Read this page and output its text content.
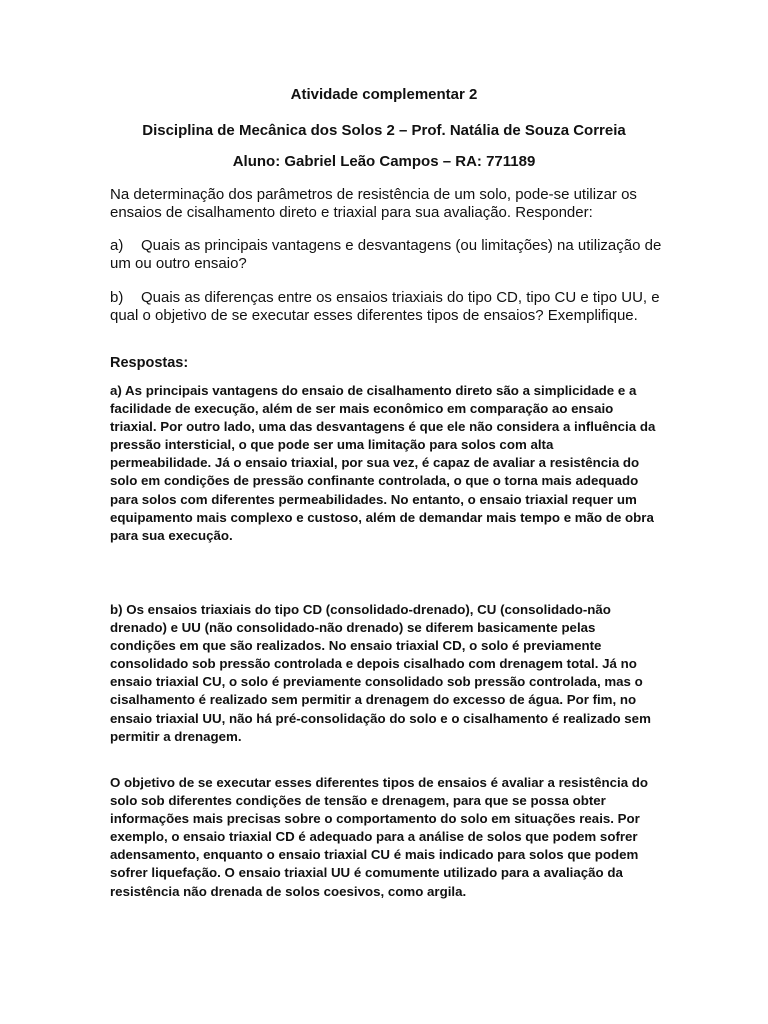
Atividade complementar 2
Disciplina de Mecânica dos Solos 2 – Prof. Natália de Souza Correia
Aluno: Gabriel Leão Campos – RA: 771189

Na determinação dos parâmetros de resistência de um solo, pode-se utilizar os ensaios de cisalhamento direto e triaxial para sua avaliação. Responder:

a) Quais as principais vantagens e desvantagens (ou limitações) na utilização de um ou outro ensaio?

b) Quais as diferenças entre os ensaios triaxiais do tipo CD, tipo CU e tipo UU, e qual o objetivo de se executar esses diferentes tipos de ensaios? Exemplifique.

Respostas:

a) As principais vantagens do ensaio de cisalhamento direto são a simplicidade e a facilidade de execução, além de ser mais econômico em comparação ao ensaio triaxial. Por outro lado, uma das desvantagens é que ele não considera a influência da pressão intersticial, o que pode ser uma limitação para solos com alta permeabilidade. Já o ensaio triaxial, por sua vez, é capaz de avaliar a resistência do solo em condições de pressão confinante controlada, o que o torna mais adequado para solos com diferentes permeabilidades. No entanto, o ensaio triaxial requer um equipamento mais complexo e custoso, além de demandar mais tempo e mão de obra para sua execução.

b) Os ensaios triaxiais do tipo CD (consolidado-drenado), CU (consolidado-não drenado) e UU (não consolidado-não drenado) se diferem basicamente pelas condições em que são realizados. No ensaio triaxial CD, o solo é previamente consolidado sob pressão controlada e depois cisalhado com drenagem total. Já no ensaio triaxial CU, o solo é previamente consolidado sob pressão controlada, mas o cisalhamento é realizado sem permitir a drenagem do excesso de água. Por fim, no ensaio triaxial UU, não há pré-consolidação do solo e o cisalhamento é realizado sem permitir a drenagem.

O objetivo de se executar esses diferentes tipos de ensaios é avaliar a resistência do solo sob diferentes condições de tensão e drenagem, para que se possa obter informações mais precisas sobre o comportamento do solo em situações reais. Por exemplo, o ensaio triaxial CD é adequado para a análise de solos que podem sofrer adensamento, enquanto o ensaio triaxial CU é mais indicado para solos que podem sofrer liquefação. O ensaio triaxial UU é comumente utilizado para a avaliação da resistência não drenada de solos coesivos, como argila.
